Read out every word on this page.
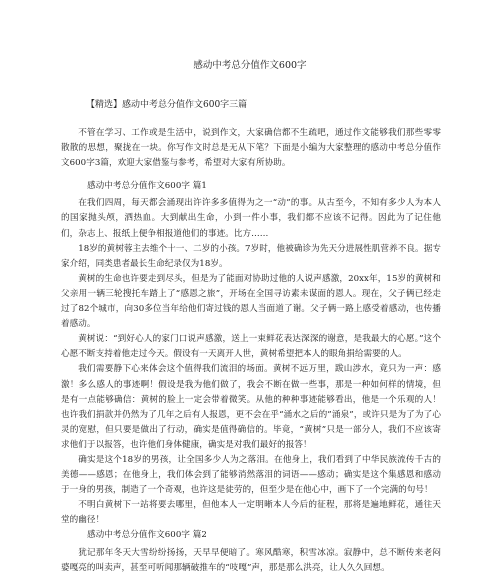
感动中考总分值作文600字
【精选】感动中考总分值作文600字三篇

不管在学习、工作或是生活中，说到作文，大家确信都不生疏吧，通过作文能够我们那些零零散散的思想，聚拢在一块。你写作文时总是无从下笔？下面是小编为大家整理的感动中考总分值作文600字3篇，欢迎大家借鉴与参考，希望对大家有所协助。

感动中考总分值作文600字 篇1

在我们四周，每天都会涌现出许许多多值得为之一“动”的事。从古至今，不知有多少人为本人的国家抛头颅，洒热血。大到献出生命，小到一件小事，我们都不应该不记得。因此为了记住他们，杂志上、报纸上便争相报道他们的事迹。比方……

18岁的黄树蓉主去维个十一、二岁的小孩。7岁时，他被确诊为先天分进展性肌营养不良。据专家介绍，同类患者最长生命纪录仅为18岁。

黄树的生命也许要走到尽头，但是为了能面对协助过他的人说声感激，20xx年，15岁的黄树和父亲用一辆三轮搜托车踏上了“感恩之旅”，开场在全国寻访素未谋面的恩人。现在，父子俩已经走过了82个城市，向30多位当年给他们寄过钱的恩人当面道了谢。父子俩一路上感受着感动，也传播着感动。

黄树说：“到好心人的家门口说声感激，送上一束鲜花表达深深的谢意，是我最大的心愿。”这个心愿不断支持着他走过今天。假设有一天离开人世，黄树希望把本人的眼角捐给需要的人。

我们需要静下心来体会这个值得我们流泪的场面。黄树不远万里，跋山涉水，竟只为一声：感激！多么感人的事迹啊！假设是我为他们做了，我会不断在做一些事，那是一种如何样的情境，但是有一点能够确信：黄树的脸上一定会带着微笑。从他的种种事迹能够看出，他是一个乐观的人！也许我们捐款并仍然为了几年之后有人报恩，更不会在乎“涌水之后的”涌泉”，或许只是为了为了心灵的宽慰，但只要是做出了行动，确实是值得确信的。毕竟，“黄树”只是一部分人，我们不应该寄求他们于以报答，也许他们身体健康，确实是对我们最好的报答！

确实是这个18岁的男孩，让全国多少人为之落泪。在他身上，我们看到了中华民族流传千古的美德——感恩；在他身上，我们体会到了能够消然落泪的词语——感动；确实是这个集感恩和感动于一身的男孩，制造了一个奇观，也许这是徒劳的，但至少是在他心中，画下了一个完满的句号！

不明白黄树下一站将要去哪里，但他本人一定明晰本人今后的征程，那将是遍地鲜花，通往天堂的幽径！

感动中考总分值作文600字 篇2

犹记那年冬天大雪纷纷扬扬，天早早便暗了。寒风酷寒，积雪冰凉。寂静中，总不断传来老闷婆嘎亮的叫卖声，甚至可听闻那辆破推车的“吱嘎”声，那是那么洪亮，让人久久回想。
